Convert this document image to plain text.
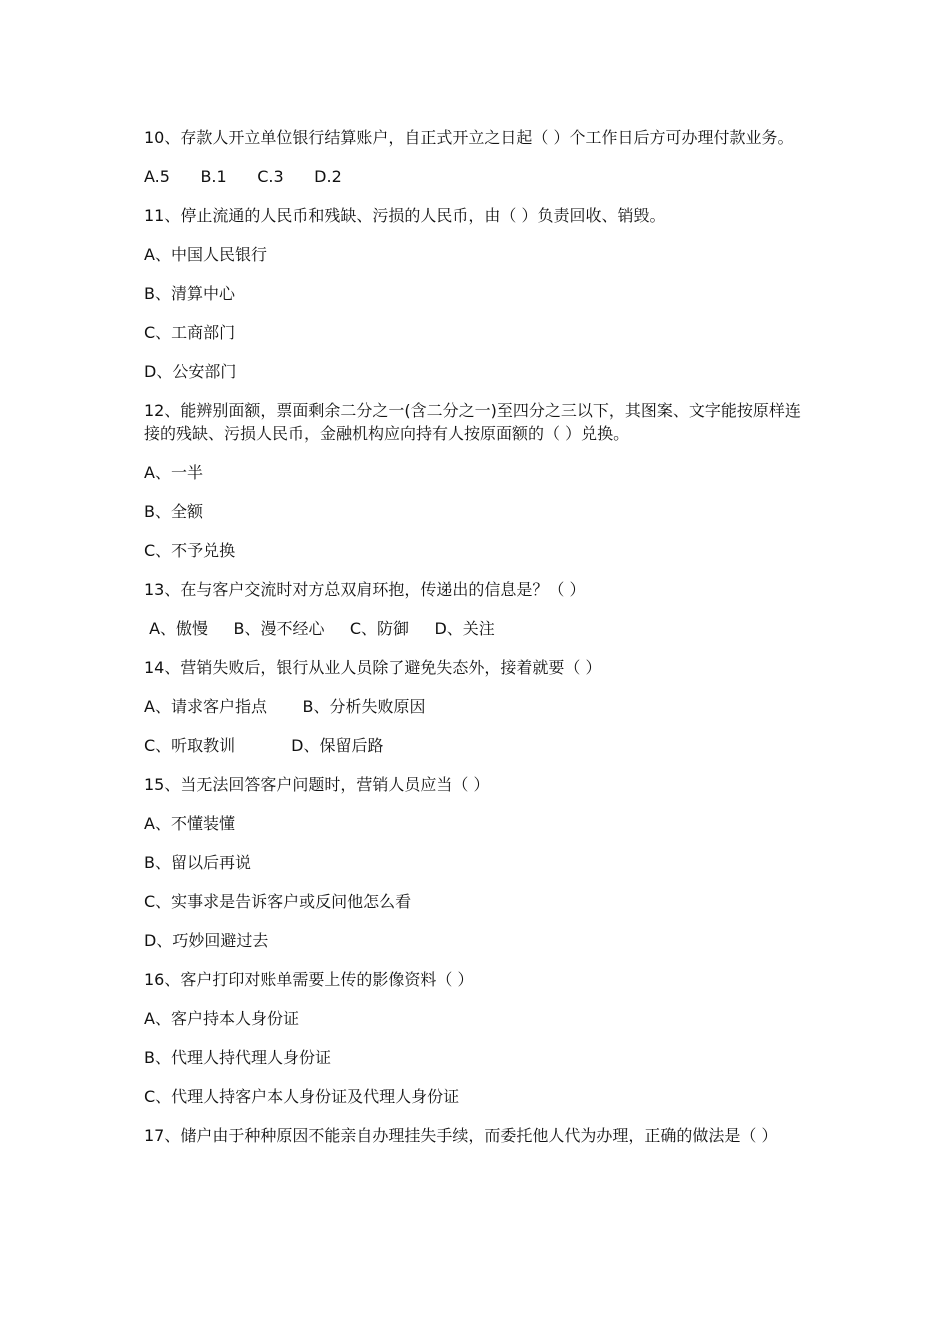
10、存款人开立单位银行结算账户，自正式开立之日起（ ）个工作日后方可办理付款业务。
A.5      B.1      C.3      D.2
11、停止流通的人民币和残缺、污损的人民币，由（ ）负责回收、销毁。
A、中国人民银行
B、清算中心
C、工商部门
D、公安部门
12、能辨别面额，票面剩余二分之一(含二分之一)至四分之三以下，其图案、文字能按原样连接的残缺、污损人民币，金融机构应向持有人按原面额的（ ）兑换。
A、一半
B、全额
C、不予兑换
13、在与客户交流时对方总双肩环抱，传递出的信息是？（ ）
A、傲慢     B、漫不经心     C、防御     D、关注
14、营销失败后，银行从业人员除了避免失态外，接着就要（ ）
A、请求客户指点       B、分析失败原因
C、听取教训           D、保留后路
15、当无法回答客户问题时，营销人员应当（ ）
A、不懂装懂
B、留以后再说
C、实事求是告诉客户或反问他怎么看
D、巧妙回避过去
16、客户打印对账单需要上传的影像资料（ ）
A、客户持本人身份证
B、代理人持代理人身份证
C、代理人持客户本人身份证及代理人身份证
17、储户由于种种原因不能亲自办理挂失手续，而委托他人代为办理，正确的做法是（ ）
